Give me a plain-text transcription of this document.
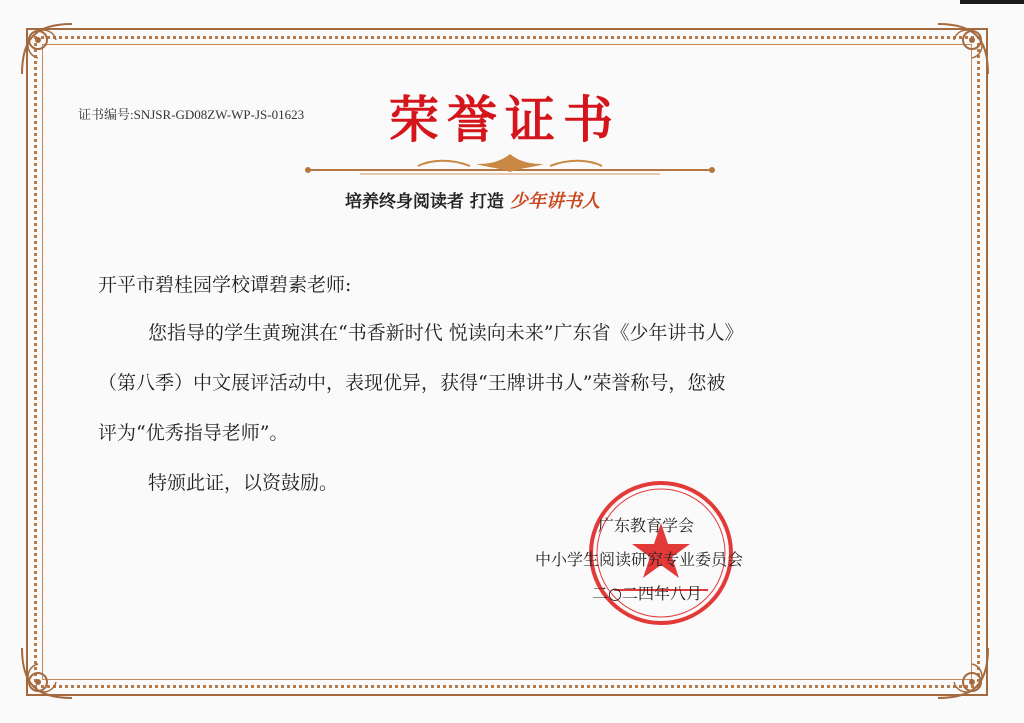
证书编号:SNJSR-GD08ZW-WP-JS-01623	荣誉证书
培养终身阅读者 打造 少年讲书人
开平市碧桂园学校谭碧素老师:
您指导的学生黄琬淇在“书香新时代 悦读向未来”广东省《少年讲书人》
（第八季）中文展评活动中，表现优异，获得“王牌讲书人”荣誉称号，您被
评为“优秀指导老师”。
特颁此证，以资鼓励。
广东教育学会
中小学生阅读研究专业委员会
二○二四年八月
